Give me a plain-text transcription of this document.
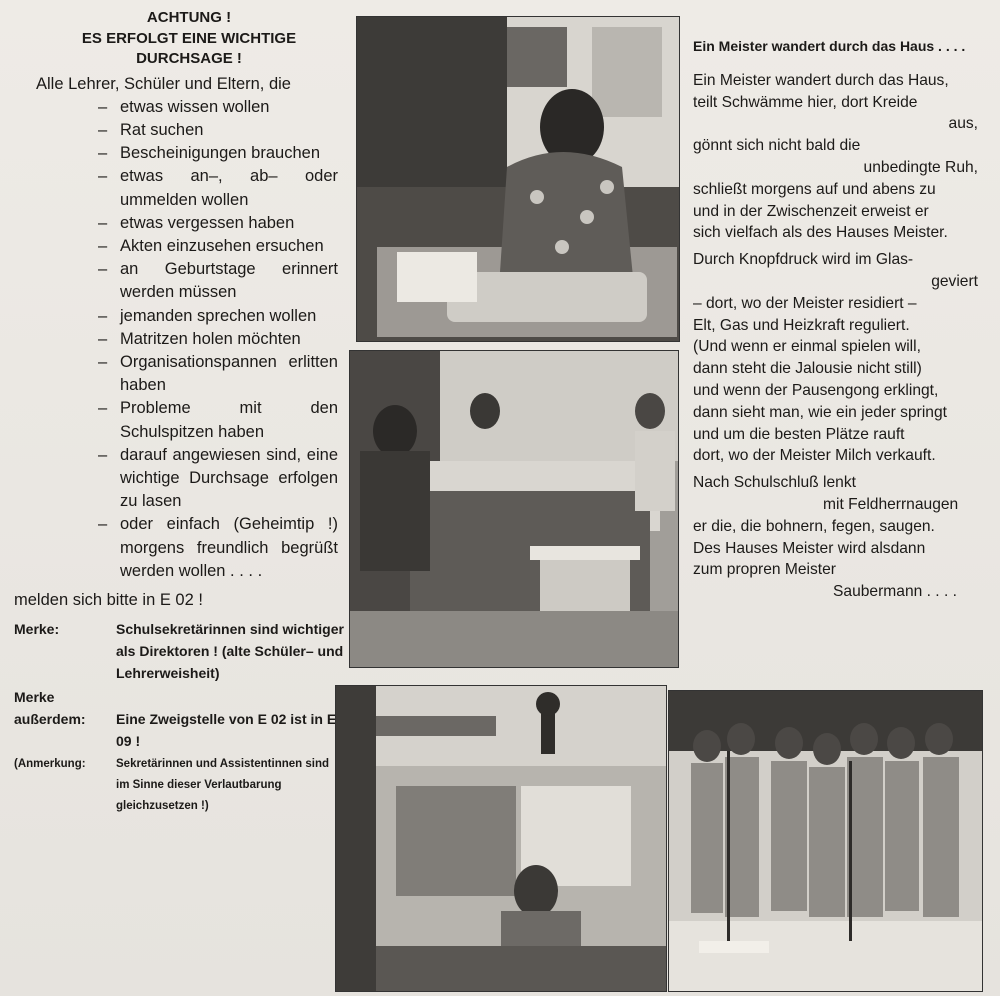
ACHTUNG !
ES ERFOLGT EINE WICHTIGE
DURCHSAGE !
Alle Lehrer, Schüler und Eltern, die
– etwas wissen wollen
– Rat suchen
– Bescheinigungen brauchen
– etwas an–, ab– oder ummelden wollen
– etwas vergessen haben
– Akten einzusehen ersuchen
– an Geburtstage erinnert werden müssen
– jemanden sprechen wollen
– Matritzen holen möchten
– Organisationspannen erlitten haben
– Probleme mit den Schulspitzen haben
– darauf angewiesen sind, eine wichtige Durchsage erfolgen zu lasen
– oder einfach (Geheimtip !) morgens freundlich begrüßt werden wollen . . . .
melden sich bitte in E 02 !
Merke:	Schulsekretärinnen sind wichtiger als Direktoren ! (alte Schüler– und Lehrerweisheit)
Merke
außerdem:	Eine Zweigstelle von E 02 ist in E 09 !
(Anmerkung:	Sekretärinnen und Assistentinnen sind im Sinne dieser Verlautbarung gleichzusetzen !)
Ein Meister wandert durch das Haus . . . .
Ein Meister wandert durch das Haus,
teilt Schwämme hier, dort Kreide
aus,
gönnt sich nicht bald die
unbedingte Ruh,
schließt morgens auf und abens zu
und in der Zwischenzeit erweist er
sich vielfach als des Hauses Meister.
Durch Knopfdruck wird im Glas-
geviert
– dort, wo der Meister residiert –
Elt, Gas und Heizkraft reguliert.
(Und wenn er einmal spielen will,
dann steht die Jalousie nicht still)
und wenn der Pausengong erklingt,
dann sieht man, wie ein jeder springt
und um die besten Plätze rauft
dort, wo der Meister Milch verkauft.
Nach Schulschluß lenkt
mit Feldherrnaugen
er die, die bohnern, fegen, saugen.
Des Hauses Meister wird alsdann
zum propren Meister
Saubermann . . . .
